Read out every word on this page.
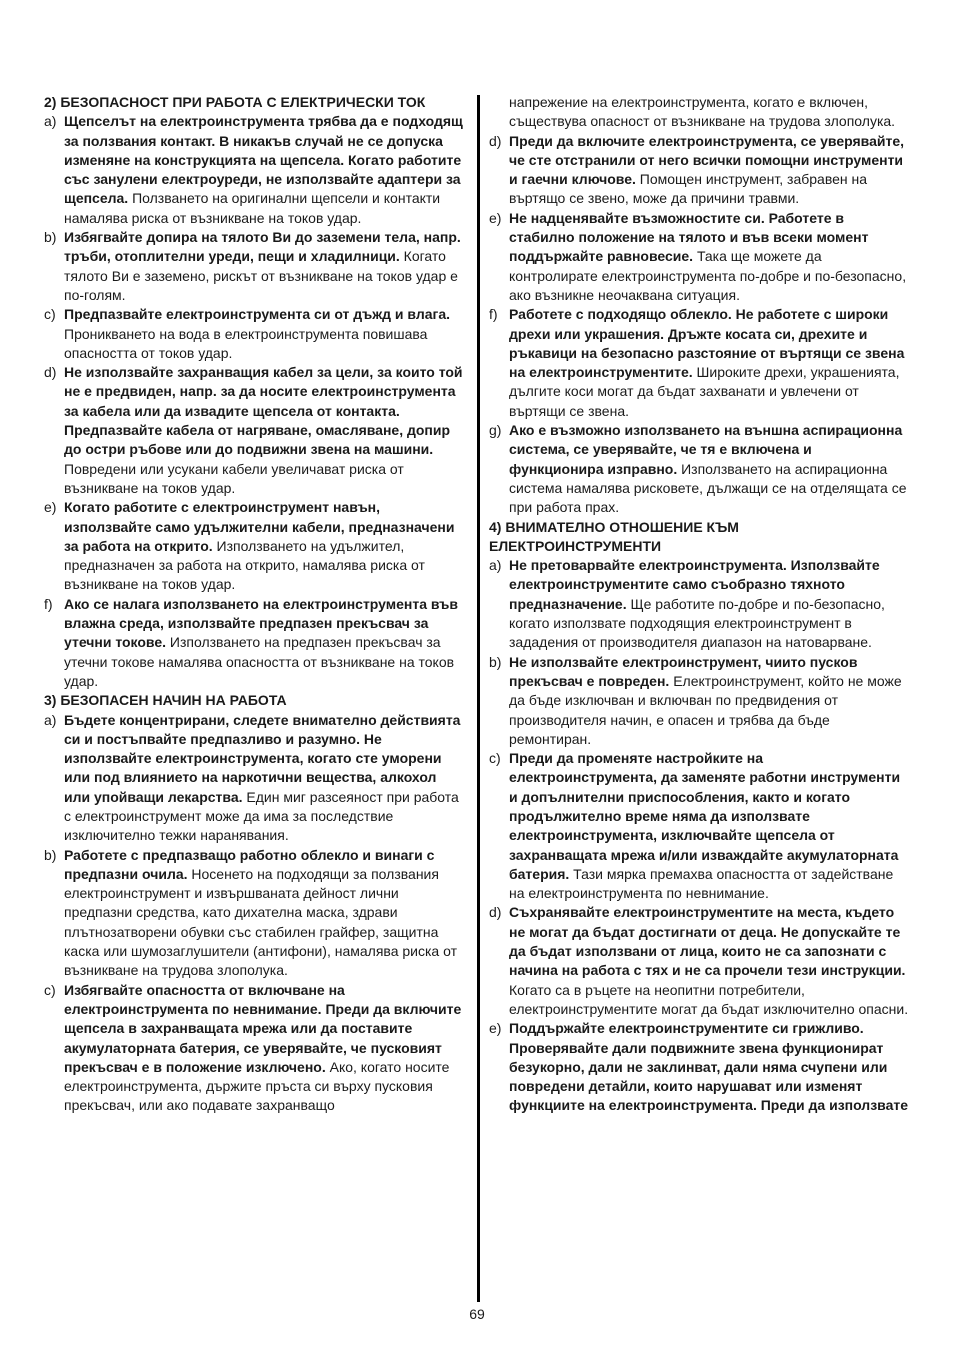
2) БЕЗОПАСНОСТ ПРИ РАБОТА С ЕЛЕКТРИЧЕСКИ ТОК

a) Щепселът на електроинструмента трябва да е подходящ за ползвания контакт. В никакъв случай не се допуска изменяне на конструкцията на щепсела. Когато работите със занулени електроуреди, не използвайте адаптери за щепсела. Ползването на оригинални щепсели и контакти намалява риска от възникване на токов удар.

b) Избягвайте допира на тялото Ви до заземени тела, напр. тръби, отоплителни уреди, пещи и хладилници. Когато тялото Ви е заземено, рискът от възникване на токов удар е по-голям.

c) Предпазвайте електроинструмента си от дъжд и влага. Проникването на вода в електроинструмента повишава опасността от токов удар.

d) Не използвайте захранващия кабел за цели, за които той не е предвиден, напр. за да носите електроинструмента за кабела или да извадите щепсела от контакта. Предпазвайте кабела от нагряване, омасляване, допир до остри ръбове или до подвижни звена на машини. Повредени или усукани кабели увеличават риска от възникване на токов удар.

e) Когато работите с електроинструмент навън, използвайте само удължителни кабели, предназначени за работа на открито. Използването на удължител, предназначен за работа на открито, намалява риска от възникване на токов удар.

f) Ако се налага използването на електроинструмента във влажна среда, използвайте предпазен прекъсвач за утечни токове. Използването на предпазен прекъсвач за утечни токове намалява опасността от възникване на токов удар.

3) БЕЗОПАСЕН НАЧИН НА РАБОТА

a) Бъдете концентрирани, следете внимателно действията си и постъпвайте предпазливо и разумно. Не използвайте електроинструмента, когато сте уморени или под влиянието на наркотични вещества, алкохол или упойващи лекарства. Един миг разсеяност при работа с електроинструмент може да има за последствие изключително тежки наранявания.

b) Работете с предпазващо работно облекло и винаги с предпазни очила. Носенето на подходящи за ползвания електроинструмент и извършваната дейност лични предпазни средства, като дихателна маска, здрави плътнозатворени обувки със стабилен грайфер, защитна каска или шумозаглушители (антифони), намалява риска от възникване на трудова злополука.

c) Избягвайте опасността от включване на електроинструмента по невнимание. Преди да включите щепсела в захранващата мрежа или да поставите акумулаторната батерия, се уверявайте, че пусковият прекъсвач е в положение изключено. Ако, когато носите електроинструмента, държите пръста си върху пусковия прекъсвач, или ако подавате захранващо

напрежение на електроинструмента, когато е включен, съществува опасност от възникване на трудова злополука.

d) Преди да включите електроинструмента, се уверявайте, че сте отстранили от него всички помощни инструменти и гаечни ключове. Помощен инструмент, забравен на въртящо се звено, може да причини травми.

e) Не надценявайте възможностите си. Работете в стабилно положение на тялото и във всеки момент поддържайте равновесие. Така ще можете да контролирате електроинструмента по-добре и по-безопасно, ако възникне неочаквана ситуация.

f) Работете с подходящо облекло. Не работете с широки дрехи или украшения. Дръжте косата си, дрехите и ръкавици на безопасно разстояние от въртящи се звена на електроинструментите. Широките дрехи, украшенията, дългите коси могат да бъдат захванати и увлечени от въртящи се звена.

g) Ако е възможно използването на външна аспирационна система, се уверявайте, че тя е включена и функционира изправно. Използването на аспирационна система намалява рисковете, дължащи се на отделящата се при работа прах.

4) ВНИМАТЕЛНО ОТНОШЕНИЕ КЪМ ЕЛЕКТРОИНСТРУМЕНТИ

a) Не претоварвайте електроинструмента. Използвайте електроинструментите само съобразно тяхното предназначение. Ще работите по-добре и по-безопасно, когато използвате подходящия електроинструмент в зададения от производителя диапазон на натоварване.

b) Не използвайте електроинструмент, чиито пусков прекъсвач е повреден. Електроинструмент, който не може да бъде изключван и включван по предвидения от производителя начин, е опасен и трябва да бъде ремонтиран.

c) Преди да променяте настройките на електроинструмента, да заменяте работни инструменти и допълнителни приспособления, както и когато продължително време няма да използвате електроинструмента, изключвайте щепсела от захранващата мрежа и/или изваждайте акумулаторната батерия. Тази мярка премахва опасността от задействане на електроинструмента по невнимание.

d) Съхранявайте електроинструментите на места, където не могат да бъдат достигнати от деца. Не допускайте те да бъдат използвани от лица, които не са запознати с начина на работа с тях и не са прочели тези инструкции. Когато са в ръцете на неопитни потребители, електроинструментите могат да бъдат изключително опасни.

e) Поддържайте електроинструментите си грижливо. Проверявайте дали подвижните звена функционират безукорно, дали не заклинват, дали няма счупени или повредени детайли, които нарушават или изменят функциите на електроинструмента. Преди да използвате

69
